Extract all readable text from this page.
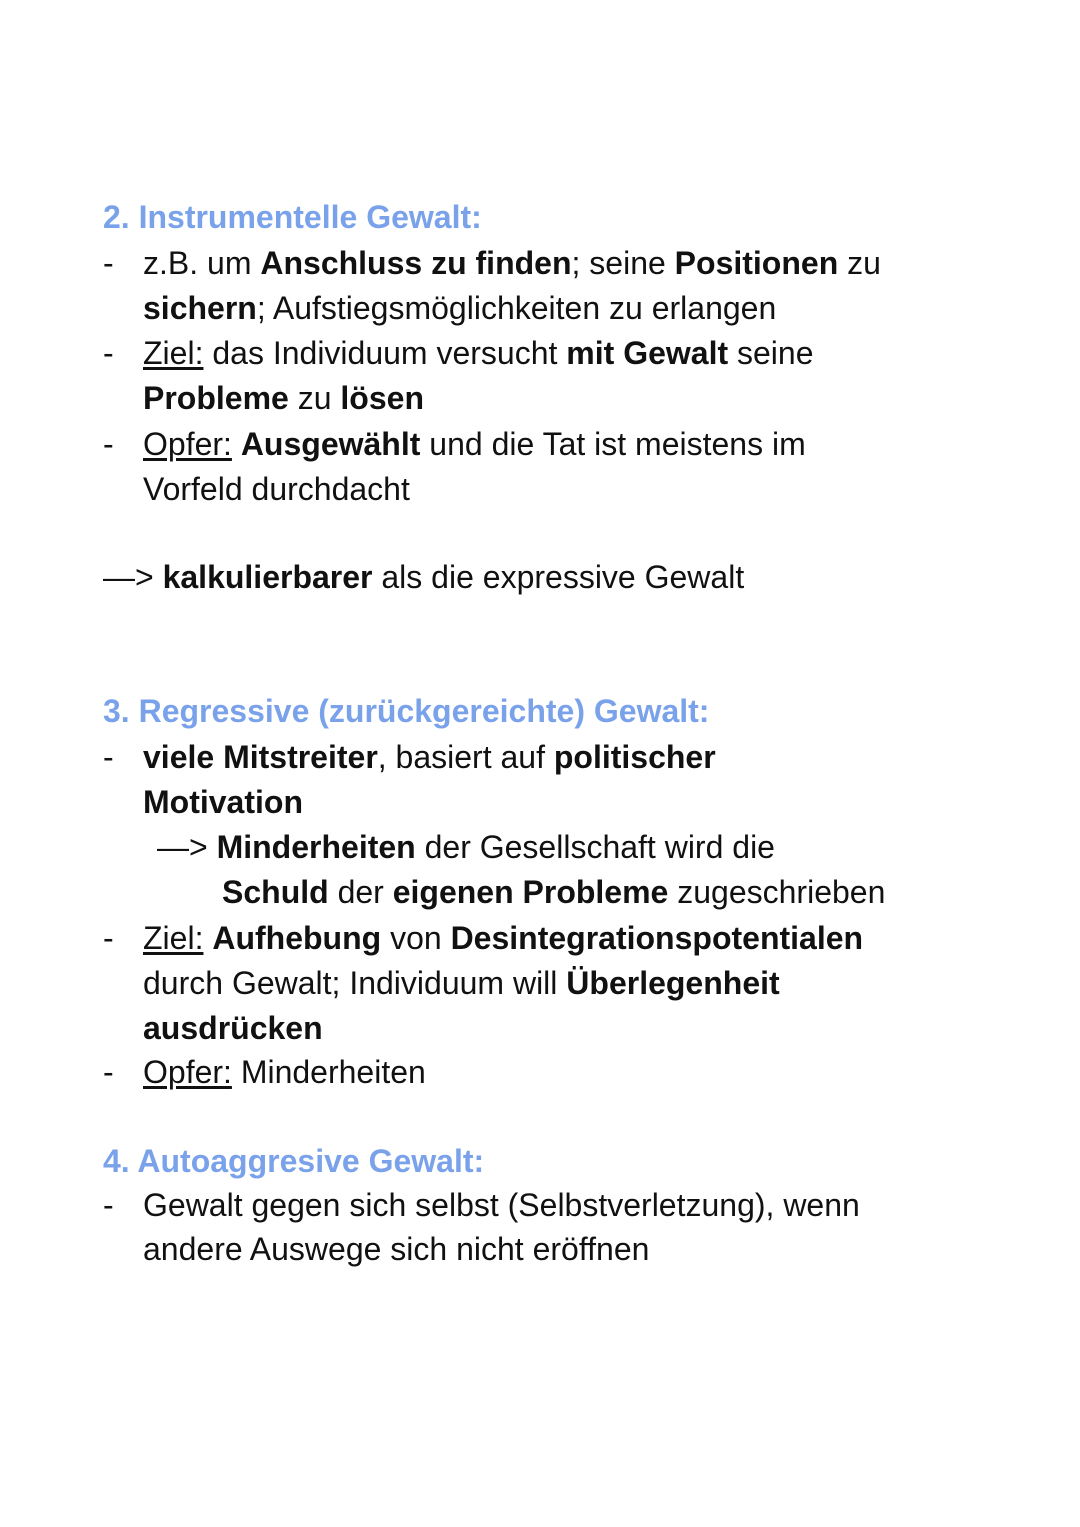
2. Instrumentelle Gewalt:
- z.B. um Anschluss zu finden; seine Positionen zu
sichern; Aufstiegsmöglichkeiten zu erlangen
- Ziel: das Individuum versucht mit Gewalt seine
Probleme zu lösen
- Opfer: Ausgewählt und die Tat ist meistens im
Vorfeld durchdacht
—> kalkulierbarer als die expressive Gewalt
3. Regressive (zurückgereichte) Gewalt:
- viele Mitstreiter, basiert auf politischer
Motivation
—> Minderheiten der Gesellschaft wird die
Schuld der eigenen Probleme zugeschrieben
- Ziel: Aufhebung von Desintegrationspotentialen
durch Gewalt; Individuum will Überlegenheit
ausdrücken
- Opfer: Minderheiten
4. Autoaggresive Gewalt:
- Gewalt gegen sich selbst (Selbstverletzung), wenn
andere Auswege sich nicht eröffnen
